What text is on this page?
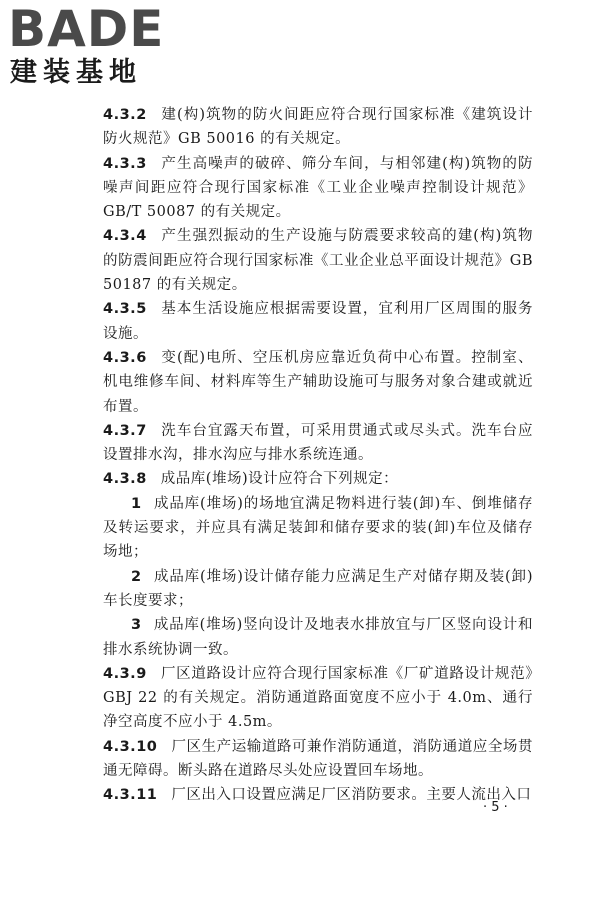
BADE
建装基地
4.3.2 建(构)筑物的防火间距应符合现行国家标准《建筑设计防火规范》GB 50016 的有关规定。
4.3.3 产生高噪声的破碎、筛分车间，与相邻建(构)筑物的防噪声间距应符合现行国家标准《工业企业噪声控制设计规范》GB/T 50087 的有关规定。
4.3.4 产生强烈振动的生产设施与防震要求较高的建(构)筑物的防震间距应符合现行国家标准《工业企业总平面设计规范》GB 50187 的有关规定。
4.3.5 基本生活设施应根据需要设置，宜利用厂区周围的服务设施。
4.3.6 变(配)电所、空压机房应靠近负荷中心布置。控制室、机电维修车间、材料库等生产辅助设施可与服务对象合建或就近布置。
4.3.7 洗车台宜露天布置，可采用贯通式或尽头式。洗车台应设置排水沟，排水沟应与排水系统连通。
4.3.8 成品库(堆场)设计应符合下列规定：
1 成品库(堆场)的场地宜满足物料进行装(卸)车、倒堆储存及转运要求，并应具有满足装卸和储存要求的装(卸)车位及储存场地；
2 成品库(堆场)设计储存能力应满足生产对储存期及装(卸)车长度要求；
3 成品库(堆场)竖向设计及地表水排放宜与厂区竖向设计和排水系统协调一致。
4.3.9 厂区道路设计应符合现行国家标准《厂矿道路设计规范》GBJ 22 的有关规定。消防通道路面宽度不应小于 4.0m、通行净空高度不应小于 4.5m。
4.3.10 厂区生产运输道路可兼作消防通道，消防通道应全场贯通无障碍。断头路在道路尽头处应设置回车场地。
4.3.11 厂区出入口设置应满足厂区消防要求。主要人流出入口
· 5 ·
